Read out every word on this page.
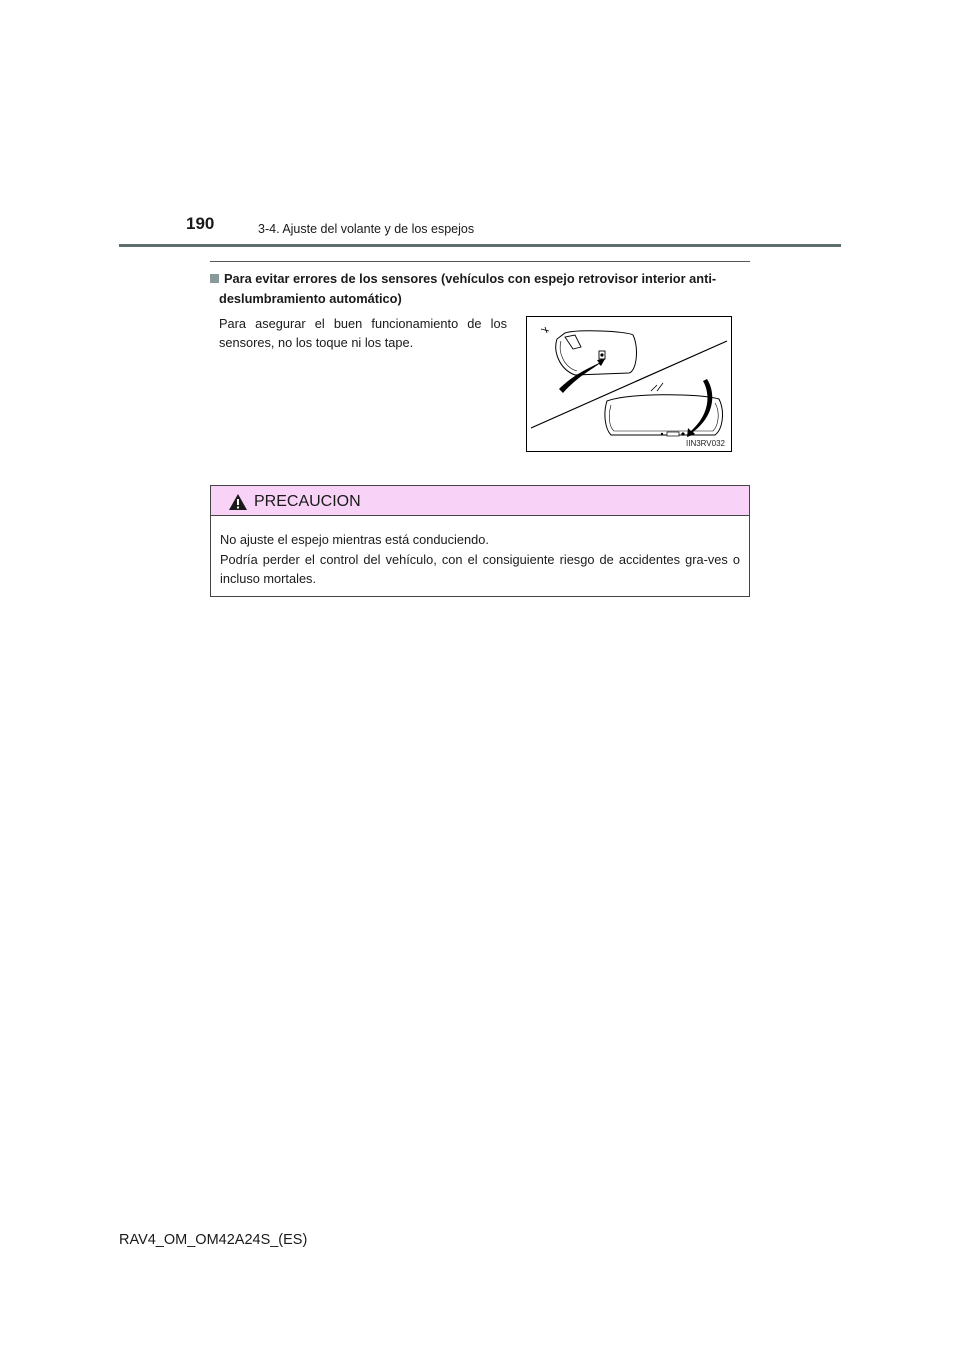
190	3-4. Ajuste del volante y de los espejos
Para evitar errores de los sensores (vehículos con espejo retrovisor interior anti-
deslumbramiento automático)
Para asegurar el buen funcionamiento de los sensores, no los toque ni los tape.
IIN3RV032
PRECAUCION

No ajuste el espejo mientras está conduciendo.

Podría perder el control del vehículo, con el consiguiente riesgo de accidentes gra-ves o incluso mortales.

RAV4_OM_OM42A24S_(ES)
